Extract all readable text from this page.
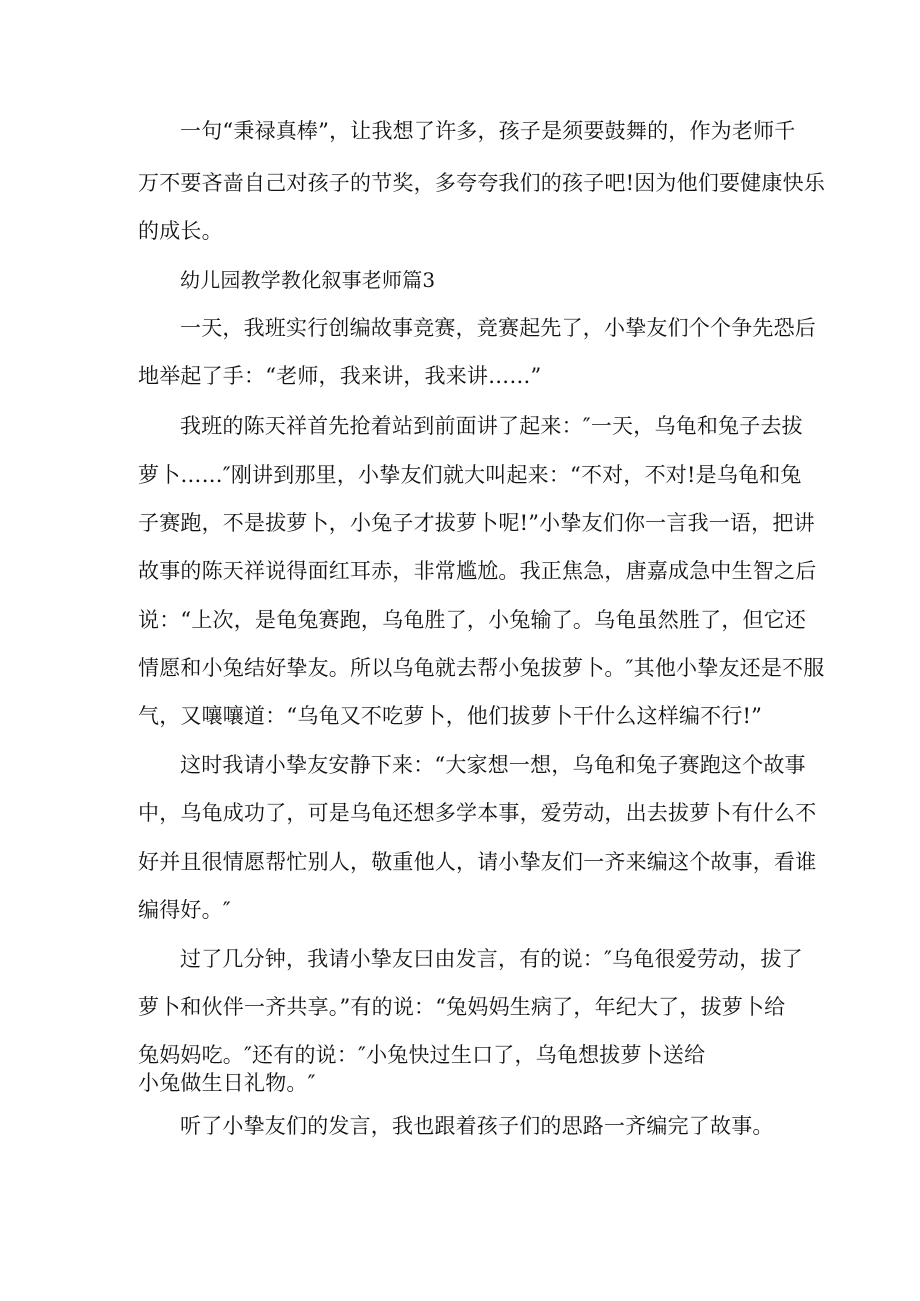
一句“秉禄真棒”，让我想了许多，孩子是须要鼓舞的，作为老师千
万不要吝啬自己对孩子的节奖，多夸夸我们的孩子吧!因为他们要健康快乐
的成长。
幼儿园教学教化叙事老师篇3
一天，我班实行创编故事竞赛，竞赛起先了，小挚友们个个争先恐后
地举起了手：“老师，我来讲，我来讲……”
我班的陈天祥首先抢着站到前面讲了起来：″一天，乌龟和兔子去拔
萝卜……″刚讲到那里，小挚友们就大叫起来：“不对，不对!是乌龟和兔
子赛跑，不是拔萝卜，小兔子才拔萝卜呢!”小挚友们你一言我一语，把讲
故事的陈天祥说得面红耳赤，非常尴尬。我正焦急，唐嘉成急中生智之后
说：“上次，是龟兔赛跑，乌龟胜了，小兔输了。乌龟虽然胜了，但它还
情愿和小兔结好挚友。所以乌龟就去帮小兔拔萝卜。″其他小挚友还是不服
气，又嚷嚷道：“乌龟又不吃萝卜，他们拔萝卜干什么这样编不行!”
这时我请小挚友安静下来：“大家想一想，乌龟和兔子赛跑这个故事
中，乌龟成功了，可是乌龟还想多学本事，爱劳动，出去拔萝卜有什么不
好并且很情愿帮忙别人，敬重他人，请小挚友们一齐来编这个故事，看谁
编得好。″
过了几分钟，我请小挚友曰由发言，有的说：″乌龟很爱劳动，拔了
萝卜和伙伴一齐共享。”有的说：“兔妈妈生病了，年纪大了，拔萝卜给
兔妈妈吃。″还有的说：″小兔快过生口了，乌龟想拔萝卜送给
小兔做生日礼物。″
听了小挚友们的发言，我也跟着孩子们的思路一齐编完了故事。
